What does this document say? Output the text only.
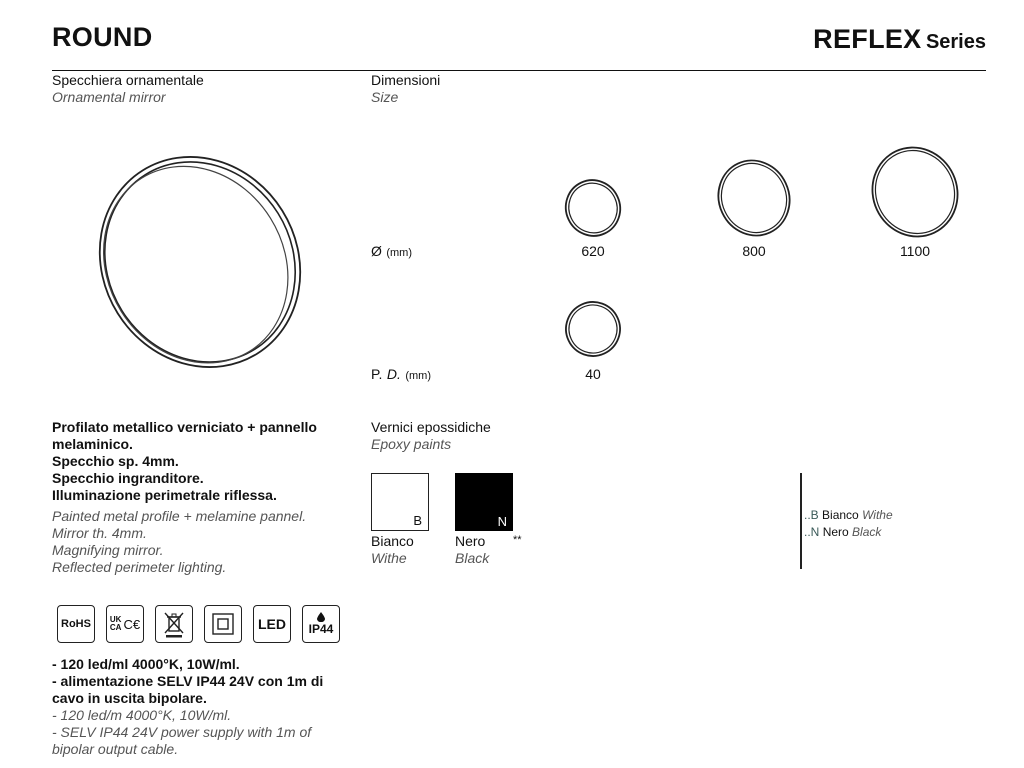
ROUND	REFLEX Series
Specchiera ornamentale
Ornamental mirror
Dimensioni
Size
Ø (mm)	620	800	1100
P. D. (mm)	40

Profilato metallico verniciato + pannello

melaminico.

Specchio sp. 4mm.

Specchio ingranditore.

Illuminazione perimetrale riflessa.

Painted metal profile + melamine pannel.

Mirror th. 4mm.

Magnifying mirror.

Reflected perimeter lighting.

Vernici epossidiche
Epoxy paints
B	N
Bianco
Withe
Nero
Black
**
..B Bianco Withe
..N Nero Black
RoHS UK
CA C€	LED IP44

- 120 led/ml 4000°K, 10W/ml.

- alimentazione SELV IP44 24V con 1m di

cavo in uscita bipolare.

- 120 led/m 4000°K, 10W/ml.

- SELV IP44 24V power supply with 1m of

bipolar output cable.
